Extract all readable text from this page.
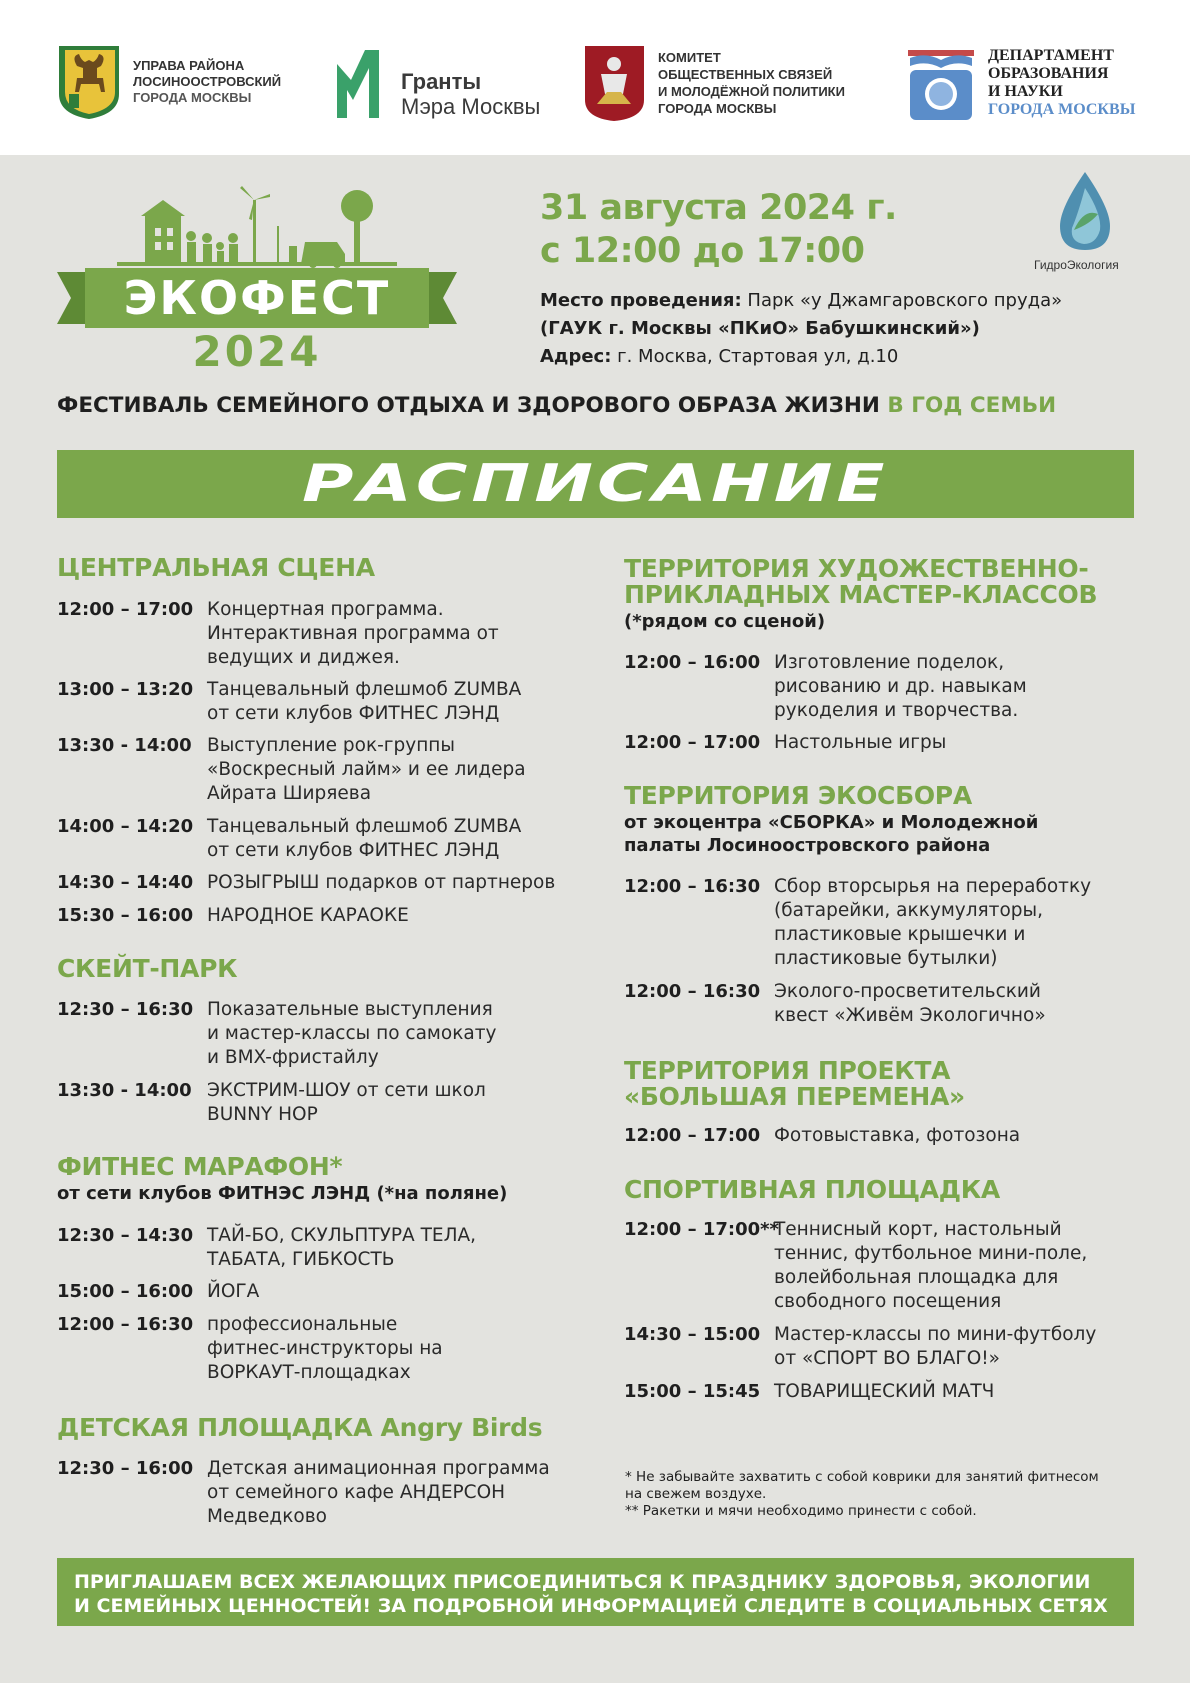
УПРАВА РАЙОНА
ЛОСИНООСТРОВСКИЙ
ГОРОДА МОСКВЫ
Гранты
Мэра Москвы
КОМИТЕТ
ОБЩЕСТВЕННЫХ СВЯЗЕЙ
И МОЛОДЁЖНОЙ ПОЛИТИКИ
ГОРОДА МОСКВЫ
ДЕПАРТАМЕНТ
ОБРАЗОВАНИЯ
И НАУКИ
ГОРОДА МОСКВЫ
ЭКОФЕСТ
2024
31 августа 2024 г.
с 12:00 до 17:00
Место проведения: Парк «у Джамгаровского пруда»
(ГАУК г. Москвы «ПКиО» Бабушкинский»)
Адрес: г. Москва, Стартовая ул, д.10
ГидроЭкология
ФЕСТИВАЛЬ СЕМЕЙНОГО ОТДЫХА И ЗДОРОВОГО ОБРАЗА ЖИЗНИ В ГОД СЕМЬИ
РАСПИСАНИЕ
ЦЕНТРАЛЬНАЯ СЦЕНА
12:00 – 17:00 Концертная программа.
Интерактивная программа от
ведущих и диджея.
13:00 – 13:20 Танцевальный флешмоб ZUMBA
от сети клубов ФИТНЕС ЛЭНД
13:30 - 14:00 Выступление рок-группы
«Воскресный лайм» и ее лидера
Айрата Ширяева
14:00 – 14:20 Танцевальный флешмоб ZUMBA
от сети клубов ФИТНЕС ЛЭНД
14:30 – 14:40 РОЗЫГРЫШ подарков от партнеров
15:30 – 16:00 НАРОДНОЕ КАРАОКЕ
СКЕЙТ-ПАРК
12:30 – 16:30 Показательные выступления
и мастер-классы по самокату
и BMX-фристайлу
13:30 - 14:00 ЭКСТРИМ-ШОУ от сети школ
BUNNY HOP
ФИТНЕС МАРАФОН*
от сети клубов ФИТНЭС ЛЭНД (*на поляне)
12:30 – 14:30 ТАЙ-БО, СКУЛЬПТУРА ТЕЛА,
ТАБАТА, ГИБКОСТЬ
15:00 – 16:00 ЙОГА
12:00 – 16:30 профессиональные
фитнес-инструкторы на
ВОРКАУТ-площадках
ДЕТСКАЯ ПЛОЩАДКА Angry Birds
12:30 – 16:00 Детская анимационная программа
от семейного кафе АНДЕРСОН
Медведково
ТЕРРИТОРИЯ ХУДОЖЕСТВЕННО-
ПРИКЛАДНЫХ МАСТЕР-КЛАССОВ
(*рядом со сценой)
12:00 – 16:00 Изготовление поделок,
рисованию и др. навыкам
рукоделия и творчества.
12:00 – 17:00 Настольные игры
ТЕРРИТОРИЯ ЭКОСБОРА
от экоцентра «СБОРКА» и Молодежной
палаты Лосиноостровского района
12:00 – 16:30 Сбор вторсырья на переработку
(батарейки, аккумуляторы,
пластиковые крышечки и
пластиковые бутылки)
12:00 – 16:30 Эколого-просветительский
квест «Живём Экологично»
ТЕРРИТОРИЯ ПРОЕКТА
«БОЛЬШАЯ ПЕРЕМЕНА»
12:00 – 17:00 Фотовыставка, фотозона
СПОРТИВНАЯ ПЛОЩАДКА
12:00 – 17:00**
Теннисный корт, настольный
теннис, футбольное мини-поле,
волейбольная площадка для
свободного посещения
14:30 – 15:00 Мастер-классы по мини-футболу
от «СПОРТ ВО БЛАГО!»
15:00 – 15:45 ТОВАРИЩЕСКИЙ МАТЧ
* Не забывайте захватить с собой коврики для занятий фитнесом
на свежем воздухе.
** Ракетки и мячи необходимо принести с собой.
ПРИГЛАШАЕМ ВСЕХ ЖЕЛАЮЩИХ ПРИСОЕДИНИТЬСЯ К ПРАЗДНИКУ ЗДОРОВЬЯ, ЭКОЛОГИИ
И СЕМЕЙНЫХ ЦЕННОСТЕЙ! ЗА ПОДРОБНОЙ ИНФОРМАЦИЕЙ СЛЕДИТЕ В СОЦИАЛЬНЫХ СЕТЯХ
